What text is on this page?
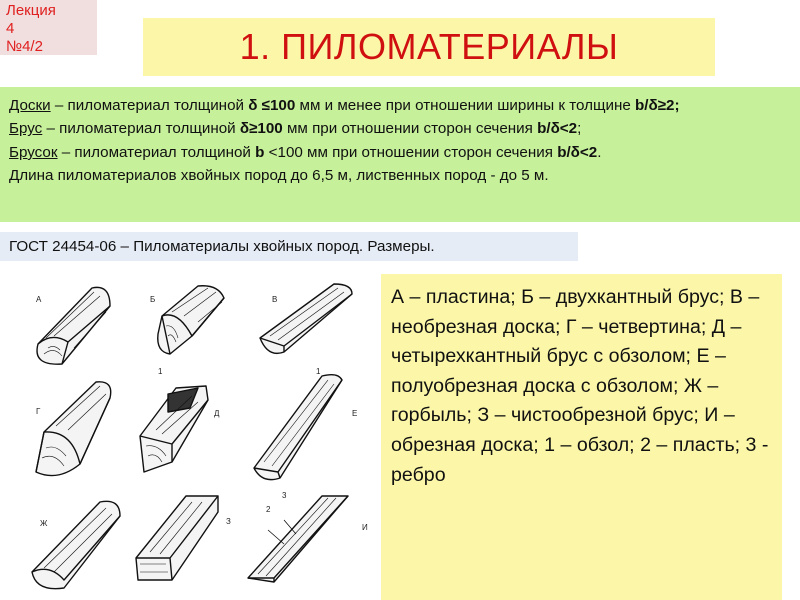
Лекция
4
№4/2	1. ПИЛОМАТЕРИАЛЫ

Доски – пиломатериал толщиной δ ≤100 мм и менее при отношении ширины к толщине b/δ≥2;

Брус – пиломатериал толщиной δ≥100 мм при отношении сторон сечения b/δ<2;

Брусок – пиломатериал толщиной b <100 мм при отношении сторон сечения b/δ<2.

Длина пиломатериалов хвойных пород до 6,5 м, лиственных пород - до 5 м.

ГОСТ 24454-06 – Пиломатериалы хвойных пород. Размеры.
А	Б	В
Г	Д	Е
Ж	З
И
1	1
2
3
А – пластина; Б – двухкантный брус; В – необрезная доска; Г – четвертина; Д – четырехкантный брус с обзолом; Е – полуобрезная доска с обзолом; Ж – горбыль; З – чистообрезной брус; И – обрезная доска; 1 – обзол; 2 – пласть; 3 - ребро
